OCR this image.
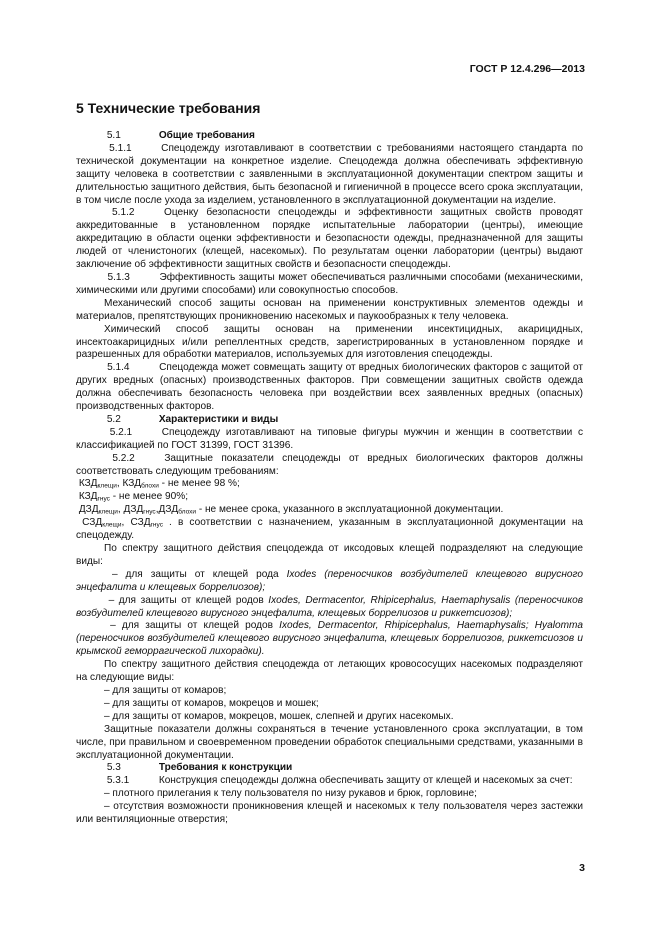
ГОСТ Р 12.4.296—2013
5 Технические требования

5.1	Общие требования

5.1.1	Спецодежду изготавливают в соответствии с требованиями настоящего стандарта по технической документации на конкретное изделие. Спецодежда должна обеспечивать эффективную защиту человека в соответствии с заявленными в эксплуатационной документации спектром защиты и длительностью защитного действия, быть безопасной и гигиеничной в процессе всего срока эксплуатации, в том числе после ухода за изделием, установленного в эксплуатационной документации на изделие.

5.1.2	Оценку безопасности спецодежды и эффективности защитных свойств проводят аккредитованные в установленном порядке испытательные лаборатории (центры), имеющие аккредитацию в области оценки эффективности и безопасности одежды, предназначенной для защиты людей от членистоногих (клещей, насекомых). По результатам оценки лаборатории (центры) выдают заключение об эффективности защитных свойств и безопасности спецодежды.

5.1.3	Эффективность защиты может обеспечиваться различными способами (механическими, химическими или другими способами) или совокупностью способов.

Механический способ защиты основан на применении конструктивных элементов одежды и материалов, препятствующих проникновению насекомых и паукообразных к телу человека.

Химический способ защиты основан на применении инсектицидных, акарицидных, инсектоакарицидных и/или репеллентных средств, зарегистрированных в установленном порядке и разрешенных для обработки материалов, используемых для изготовления спецодежды.

5.1.4	Спецодежда может совмещать защиту от вредных биологических факторов с защитой от других вредных (опасных) производственных факторов. При совмещении защитных свойств одежда должна обеспечивать безопасность человека при воздействии всех заявленных вредных (опасных) производственных факторов.

5.2	Характеристики и виды

5.2.1	Спецодежду изготавливают на типовые фигуры мужчин и женщин в соответствии с классификацией по ГОСТ 31399, ГОСТ 31396.

5.2.2	Защитные показатели спецодежды от вредных биологических факторов должны соответствовать следующим требованиям:

$КЗД_{клещи}$, $КЗД_{блохи}$ - не менее 98 %;

$КЗД_{гнус}$ - не менее 90%;

$ДЗД_{клещи}$, $ДЗД_{гнус},ДЗД_{блохи}$ - не менее срока, указанного в эксплуатационной документации.

$СЗД_{клещи}$, $СЗД_{гнус}$ . в соответствии с назначением, указанным в эксплуатационной документации на спецодежду.

По спектру защитного действия спецодежда от иксодовых клещей подразделяют на следующие виды:

– для защиты от клещей рода Ixodes (переносчиков возбудителей клещевого вирусного энцефалита и клещевых боррелиозов);

– для защиты от клещей родов Ixodes, Dermacentor, Rhipicephalus, Haemaphysalis (переносчиков возбудителей клещевого вирусного энцефалита, клещевых боррелиозов и риккетсиозов);

– для защиты от клещей родов Ixodes, Dermacentor, Rhipicephalus, Haemaphysalis; Hyalomma (переносчиков возбудителей клещевого вирусного энцефалита, клещевых боррелиозов, риккетсиозов и крымской геморрагической лихорадки).

По спектру защитного действия спецодежда от летающих кровососущих насекомых подразделяют на следующие виды:

– для защиты от комаров;

– для защиты от комаров, мокрецов и мошек;

– для защиты от комаров, мокрецов, мошек, слепней и других насекомых.

Защитные показатели должны сохраняться в течение установленного срока эксплуатации, в том числе, при правильном и своевременном проведении обработок специальными средствами, указанными в эксплуатационной документации.

5.3	Требования к конструкции

5.3.1	Конструкция спецодежды должна обеспечивать защиту от клещей и насекомых за счет:

– плотного прилегания к телу пользователя по низу рукавов и брюк, горловине;

– отсутствия возможности проникновения клещей и насекомых к телу пользователя через застежки или вентиляционные отверстия;

3
